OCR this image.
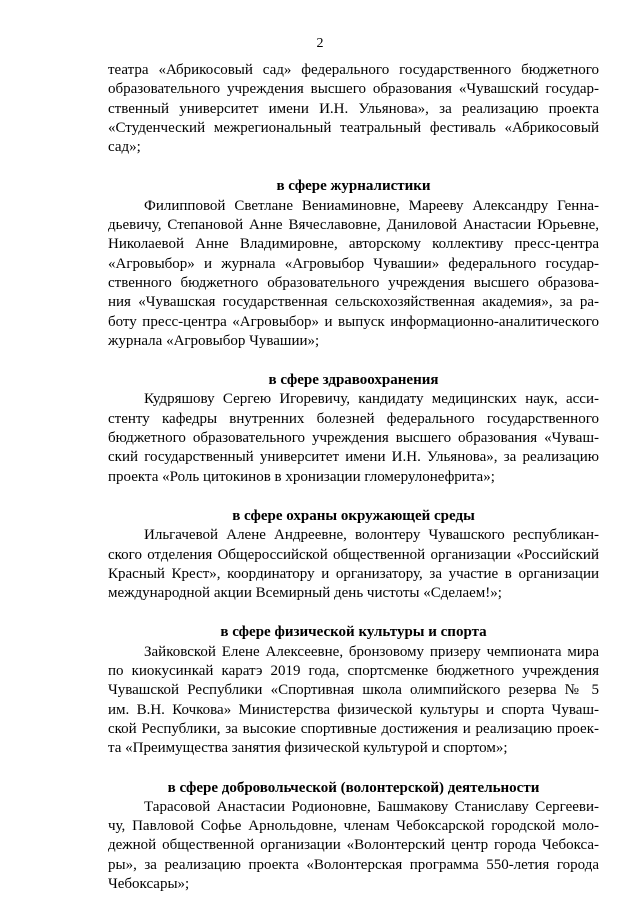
2
театра «Абрикосовый сад» федерального государственного бюджетного
образовательного учреждения высшего образования «Чувашский государ-
ственный университет имени И.Н. Ульянова», за реализацию проекта
«Студенческий межрегиональный театральный фестиваль «Абрикосовый
сад»;
в сфере журналистики
Филипповой Светлане Вениаминовне, Марееву Александру Генна-
дьевичу, Степановой Анне Вячеславовне, Даниловой Анастасии Юрьевне,
Николаевой Анне Владимировне, авторскому коллективу пресс-центра
«Агровыбор» и журнала «Агровыбор Чувашии» федерального государ-
ственного бюджетного образовательного учреждения высшего образова-
ния «Чувашская государственная сельскохозяйственная академия», за ра-
боту пресс-центра «Агровыбор» и выпуск информационно-аналитического
журнала «Агровыбор Чувашии»;
в сфере здравоохранения
Кудряшову Сергею Игоревичу, кандидату медицинских наук, асси-
стенту кафедры внутренних болезней федерального государственного
бюджетного образовательного учреждения высшего образования «Чуваш-
ский государственный университет имени И.Н. Ульянова», за реализацию
проекта «Роль цитокинов в хронизации гломерулонефрита»;
в сфере охраны окружающей среды
Ильгачевой Алене Андреевне, волонтеру Чувашского республикан-
ского отделения Общероссийской общественной организации «Российский
Красный Крест», координатору и организатору, за участие в организации
международной акции Всемирный день чистоты «Сделаем!»;
в сфере физической культуры и спорта
Зайковской Елене Алексеевне, бронзовому призеру чемпионата мира
по киокусинкай каратэ 2019 года, спортсменке бюджетного учреждения
Чувашской Республики «Спортивная школа олимпийского резерва № 5
им. В.Н. Кочкова» Министерства физической культуры и спорта Чуваш-
ской Республики, за высокие спортивные достижения и реализацию проек-
та «Преимущества занятия физической культурой и спортом»;
в сфере добровольческой (волонтерской) деятельности
Тарасовой Анастасии Родионовне, Башмакову Станиславу Сергееви-
чу, Павловой Софье Арнольдовне, членам Чебоксарской городской моло-
дежной общественной организации «Волонтерский центр города Чебокса-
ры», за реализацию проекта «Волонтерская программа 550-летия города
Чебоксары»;
